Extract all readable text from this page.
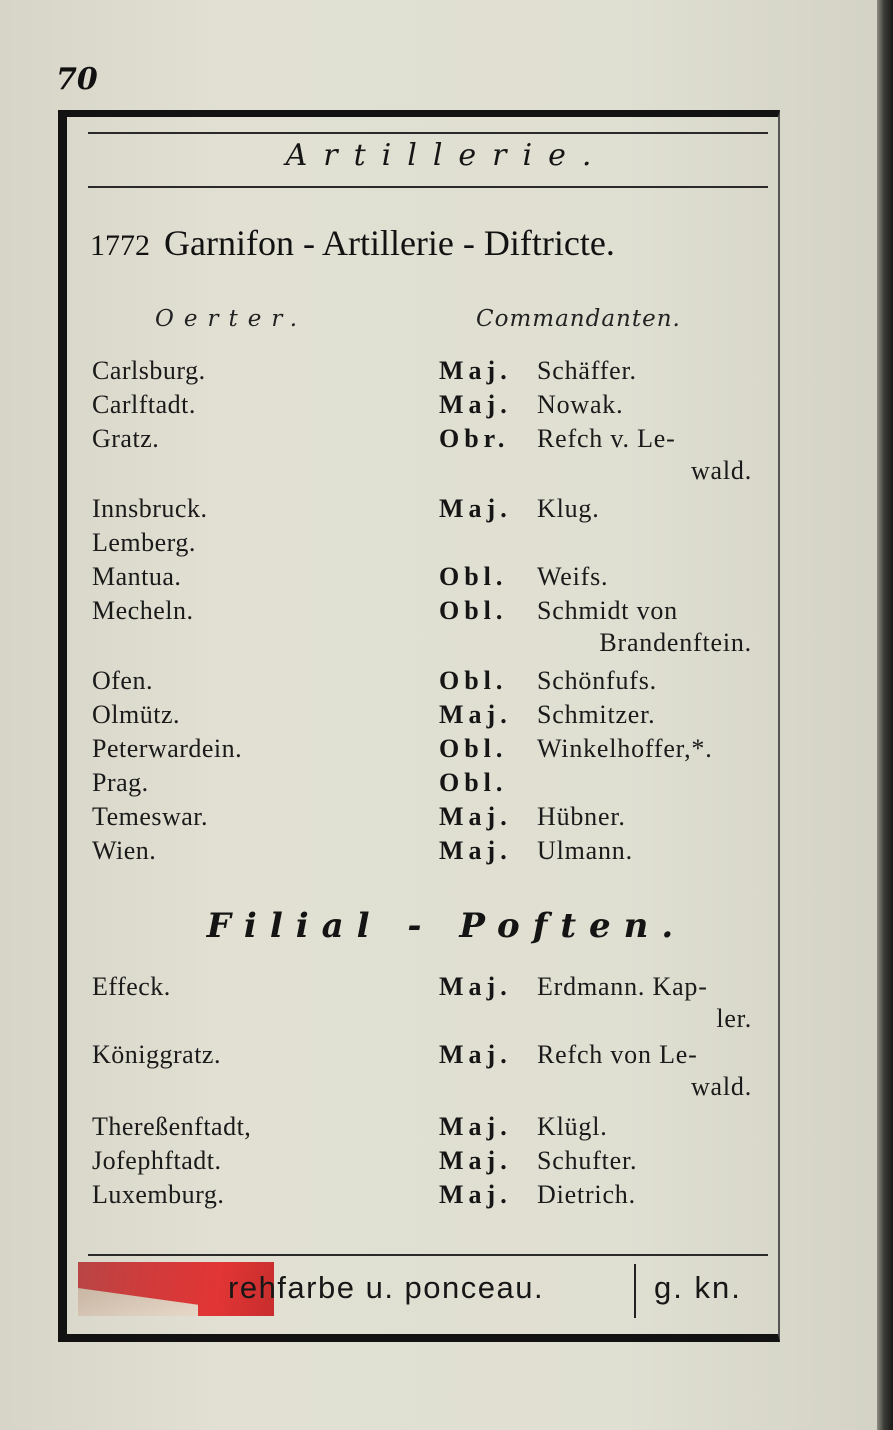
70
Artillerie.
1772 Garnifon - Artillerie - Diftricte.
Oerter.	Commandanten.
Carlsburg.	Maj. Schäffer.
Carlftadt.	Maj. Nowak.
Gratz.	Obr. Refch v. Le-
wald.
Innsbruck.	Maj. Klug.
Lemberg.
Mantua.	Obl. Weifs.
Mecheln.	Obl. Schmidt von
Brandenftein.
Ofen.	Obl. Schönfufs.
Olmütz.	Maj. Schmitzer.
Peterwardein.	Obl. Winkelhoffer,*.
Prag.	Obl.
Temeswar.	Maj. Hübner.
Wien.	Maj. Ulmann.
Filial - Poften.
Effeck.	Maj. Erdmann. Kap-
ler.
Königgratz.	Maj. Refch von Le-
wald.
Thereßenftadt,	Maj. Klügl.
Jofephftadt.	Maj. Schufter.
Luxemburg.	Maj. Dietrich.
rehfarbe u. ponceau.	g. kn.
